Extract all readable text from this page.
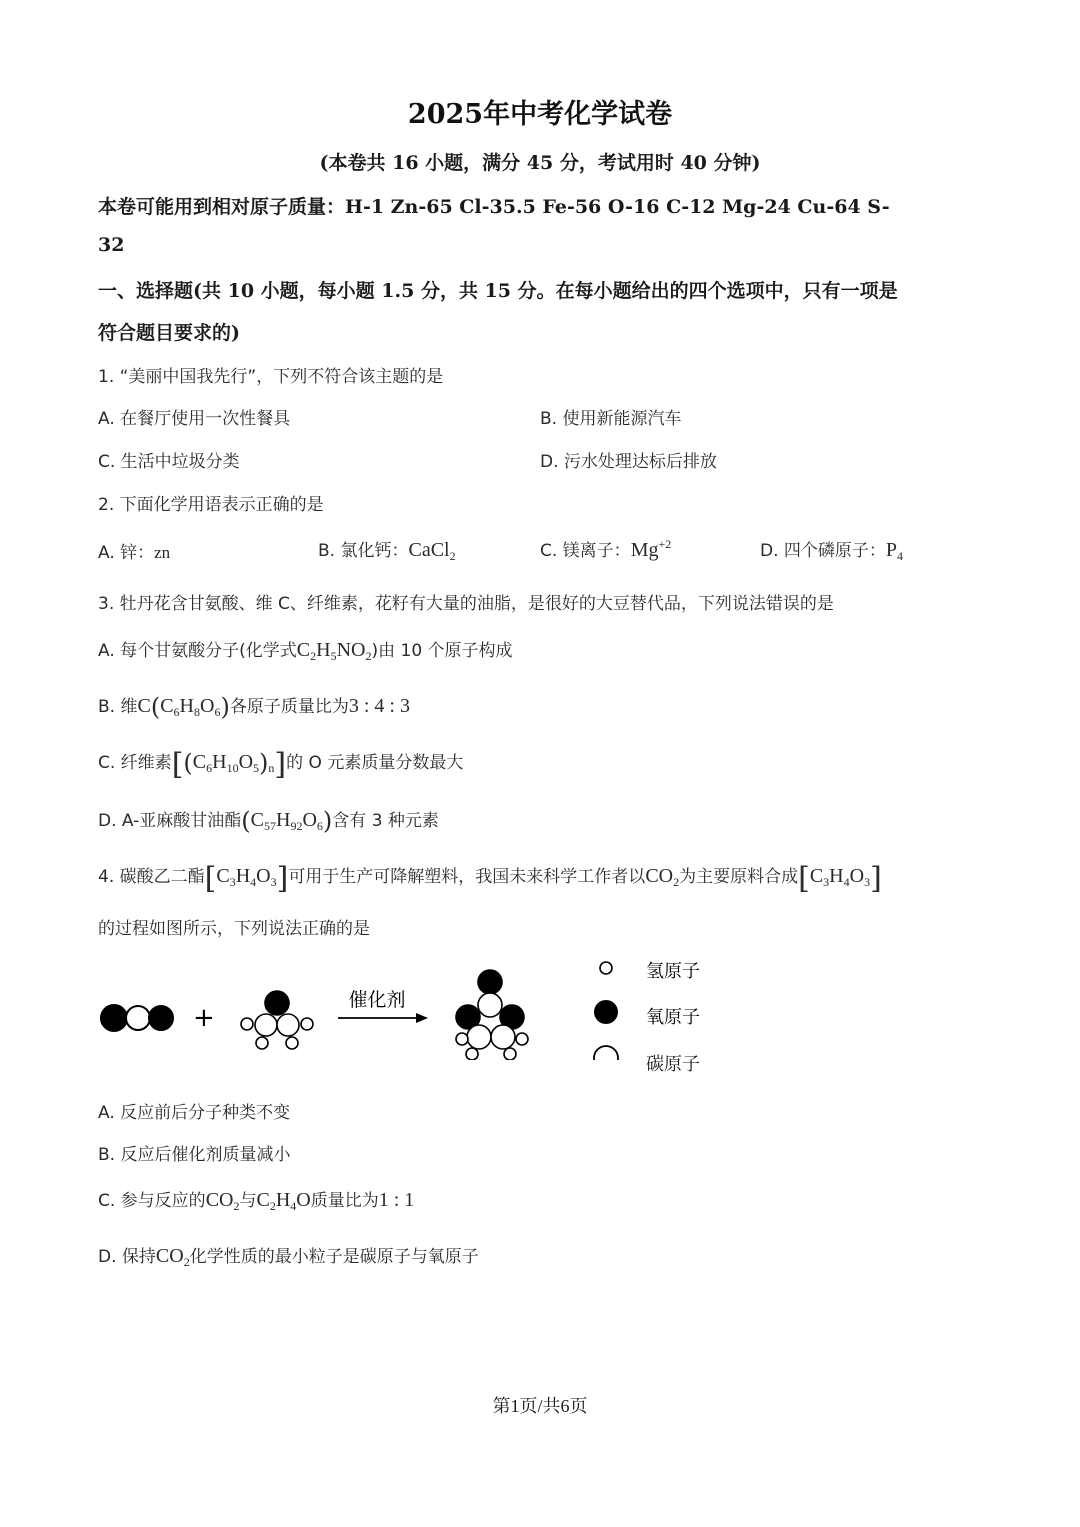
2025年中考化学试卷
(本卷共 16 小题，满分 45 分，考试用时 40 分钟)
本卷可能用到相对原子质量：H-1 Zn-65 Cl-35.5 Fe-56 O-16 C-12 Mg-24 Cu-64 S-
32
一、选择题(共 10 小题，每小题 1.5 分，共 15 分。在每小题给出的四个选项中，只有一项是
符合题目要求的)
1. “美丽中国我先行”，下列不符合该主题的是
A. 在餐厅使用一次性餐具	B. 使用新能源汽车
C. 生活中垃圾分类	D. 污水处理达标后排放
2. 下面化学用语表示正确的是
A. 锌：zn	B. 氯化钙：CaCl$_2$	C. 镁离子：$Mg^{+2}$	D. 四个磷原子：$P_4$
3. 牡丹花含甘氨酸、维 C、纤维素，花籽有大量的油脂，是很好的大豆替代品，下列说法错误的是
A. 每个甘氨酸分子(化学式$C_2H_5NO_2$)由 10 个原子构成
B. 维$C(C_6H_8O_6)$各原子质量比为3 : 4 : 3
C. 纤维素$[(C_6H_{10}O_5)_n]$的 O 元素质量分数最大
D. A-亚麻酸甘油酯$(C_{57}H_{92}O_6)$含有 3 种元素
4. 碳酸乙二酯$[C_3H_4O_3]$可用于生产可降解塑料，我国未来科学工作者以$CO_2$为主要原料合成$[C_3H_4O_3]$
的过程如图所示，下列说法正确的是
+
催化剂
氢原子
氧原子
碳原子
A. 反应前后分子种类不变
B. 反应后催化剂质量减小
C. 参与反应的$CO_2$与$C_2H_4O$质量比为1 : 1
D. 保持$CO_2$化学性质的最小粒子是碳原子与氧原子
第1页/共6页
